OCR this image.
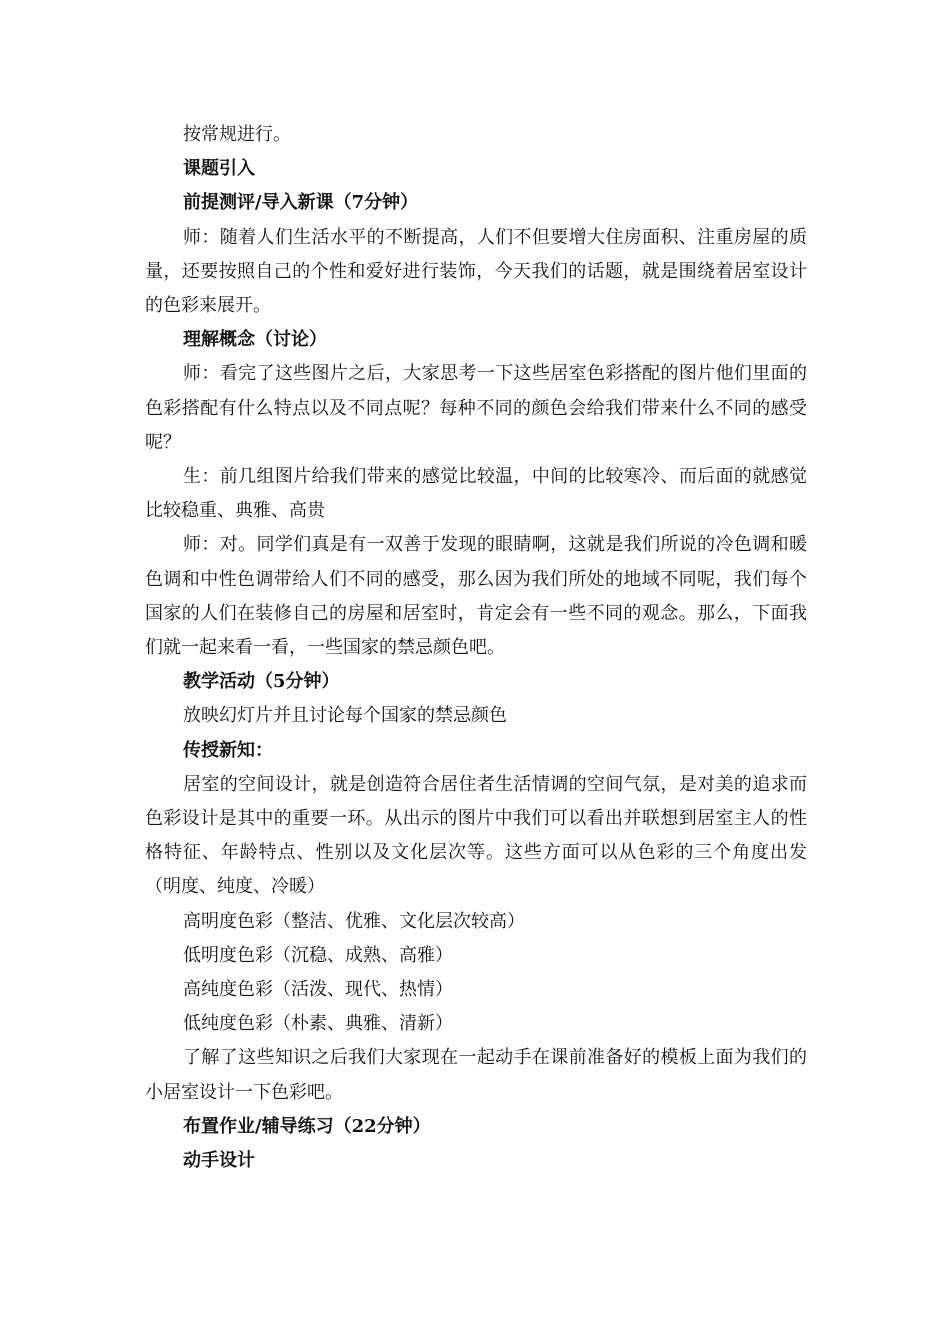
按常规进行。

课题引入

前提测评/导入新课（7分钟）

师：随着人们生活水平的不断提高，人们不但要增大住房面积、注重房屋的质量，还要按照自己的个性和爱好进行装饰，今天我们的话题，就是围绕着居室设计的色彩来展开。

理解概念（讨论）

师：看完了这些图片之后，大家思考一下这些居室色彩搭配的图片他们里面的色彩搭配有什么特点以及不同点呢？每种不同的颜色会给我们带来什么不同的感受呢？

生：前几组图片给我们带来的感觉比较温，中间的比较寒冷、而后面的就感觉比较稳重、典雅、高贵

师：对。同学们真是有一双善于发现的眼睛啊，这就是我们所说的冷色调和暖色调和中性色调带给人们不同的感受，那么因为我们所处的地域不同呢，我们每个国家的人们在装修自己的房屋和居室时，肯定会有一些不同的观念。那么，下面我们就一起来看一看，一些国家的禁忌颜色吧。

教学活动（5分钟）

放映幻灯片并且讨论每个国家的禁忌颜色

传授新知：

居室的空间设计，就是创造符合居住者生活情调的空间气氛，是对美的追求而色彩设计是其中的重要一环。从出示的图片中我们可以看出并联想到居室主人的性格特征、年龄特点、性别以及文化层次等。这些方面可以从色彩的三个角度出发（明度、纯度、冷暖）

高明度色彩（整洁、优雅、文化层次较高）

低明度色彩（沉稳、成熟、高雅）

高纯度色彩（活泼、现代、热情）

低纯度色彩（朴素、典雅、清新）

了解了这些知识之后我们大家现在一起动手在课前准备好的模板上面为我们的小居室设计一下色彩吧。

布置作业/辅导练习（22分钟）

动手设计
